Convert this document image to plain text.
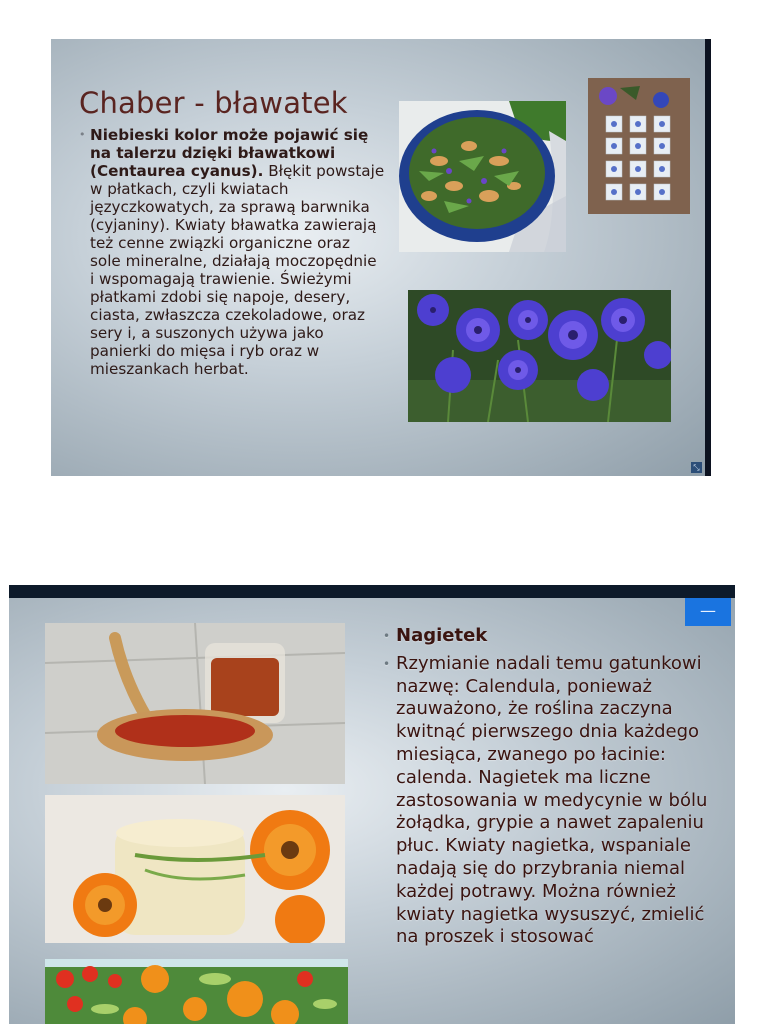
Chaber - bławatek
• Niebieski kolor może pojawić się na talerzu dzięki bławatkowi (Centaurea cyanus). Błękit powstaje w płatkach, czyli kwiatach języczkowatych, za sprawą barwnika (cyjaniny). Kwiaty bławatka zawierają też cenne związki organiczne oraz sole mineralne, działają moczopędnie i wspomagają trawienie. Świeżymi płatkami zdobi się napoje, desery, ciasta, zwłaszcza czekoladowe, oraz sery i, a suszonych używa jako panierki do mięsa i ryb oraz w mieszankach herbat.
⤡
—
• Nagietek
• Rzymianie nadali temu gatunkowi nazwę: Calendula, ponieważ zauważono, że roślina zaczyna kwitnąć pierwszego dnia każdego miesiąca, zwanego po łacinie: calenda. Nagietek ma liczne zastosowania w medycynie w bólu żołądka, grypie a nawet zapaleniu płuc. Kwiaty nagietka, wspaniale nadają się do przybrania niemal każdej potrawy. Można również kwiaty nagietka wysuszyć, zmielić na proszek i stosować
